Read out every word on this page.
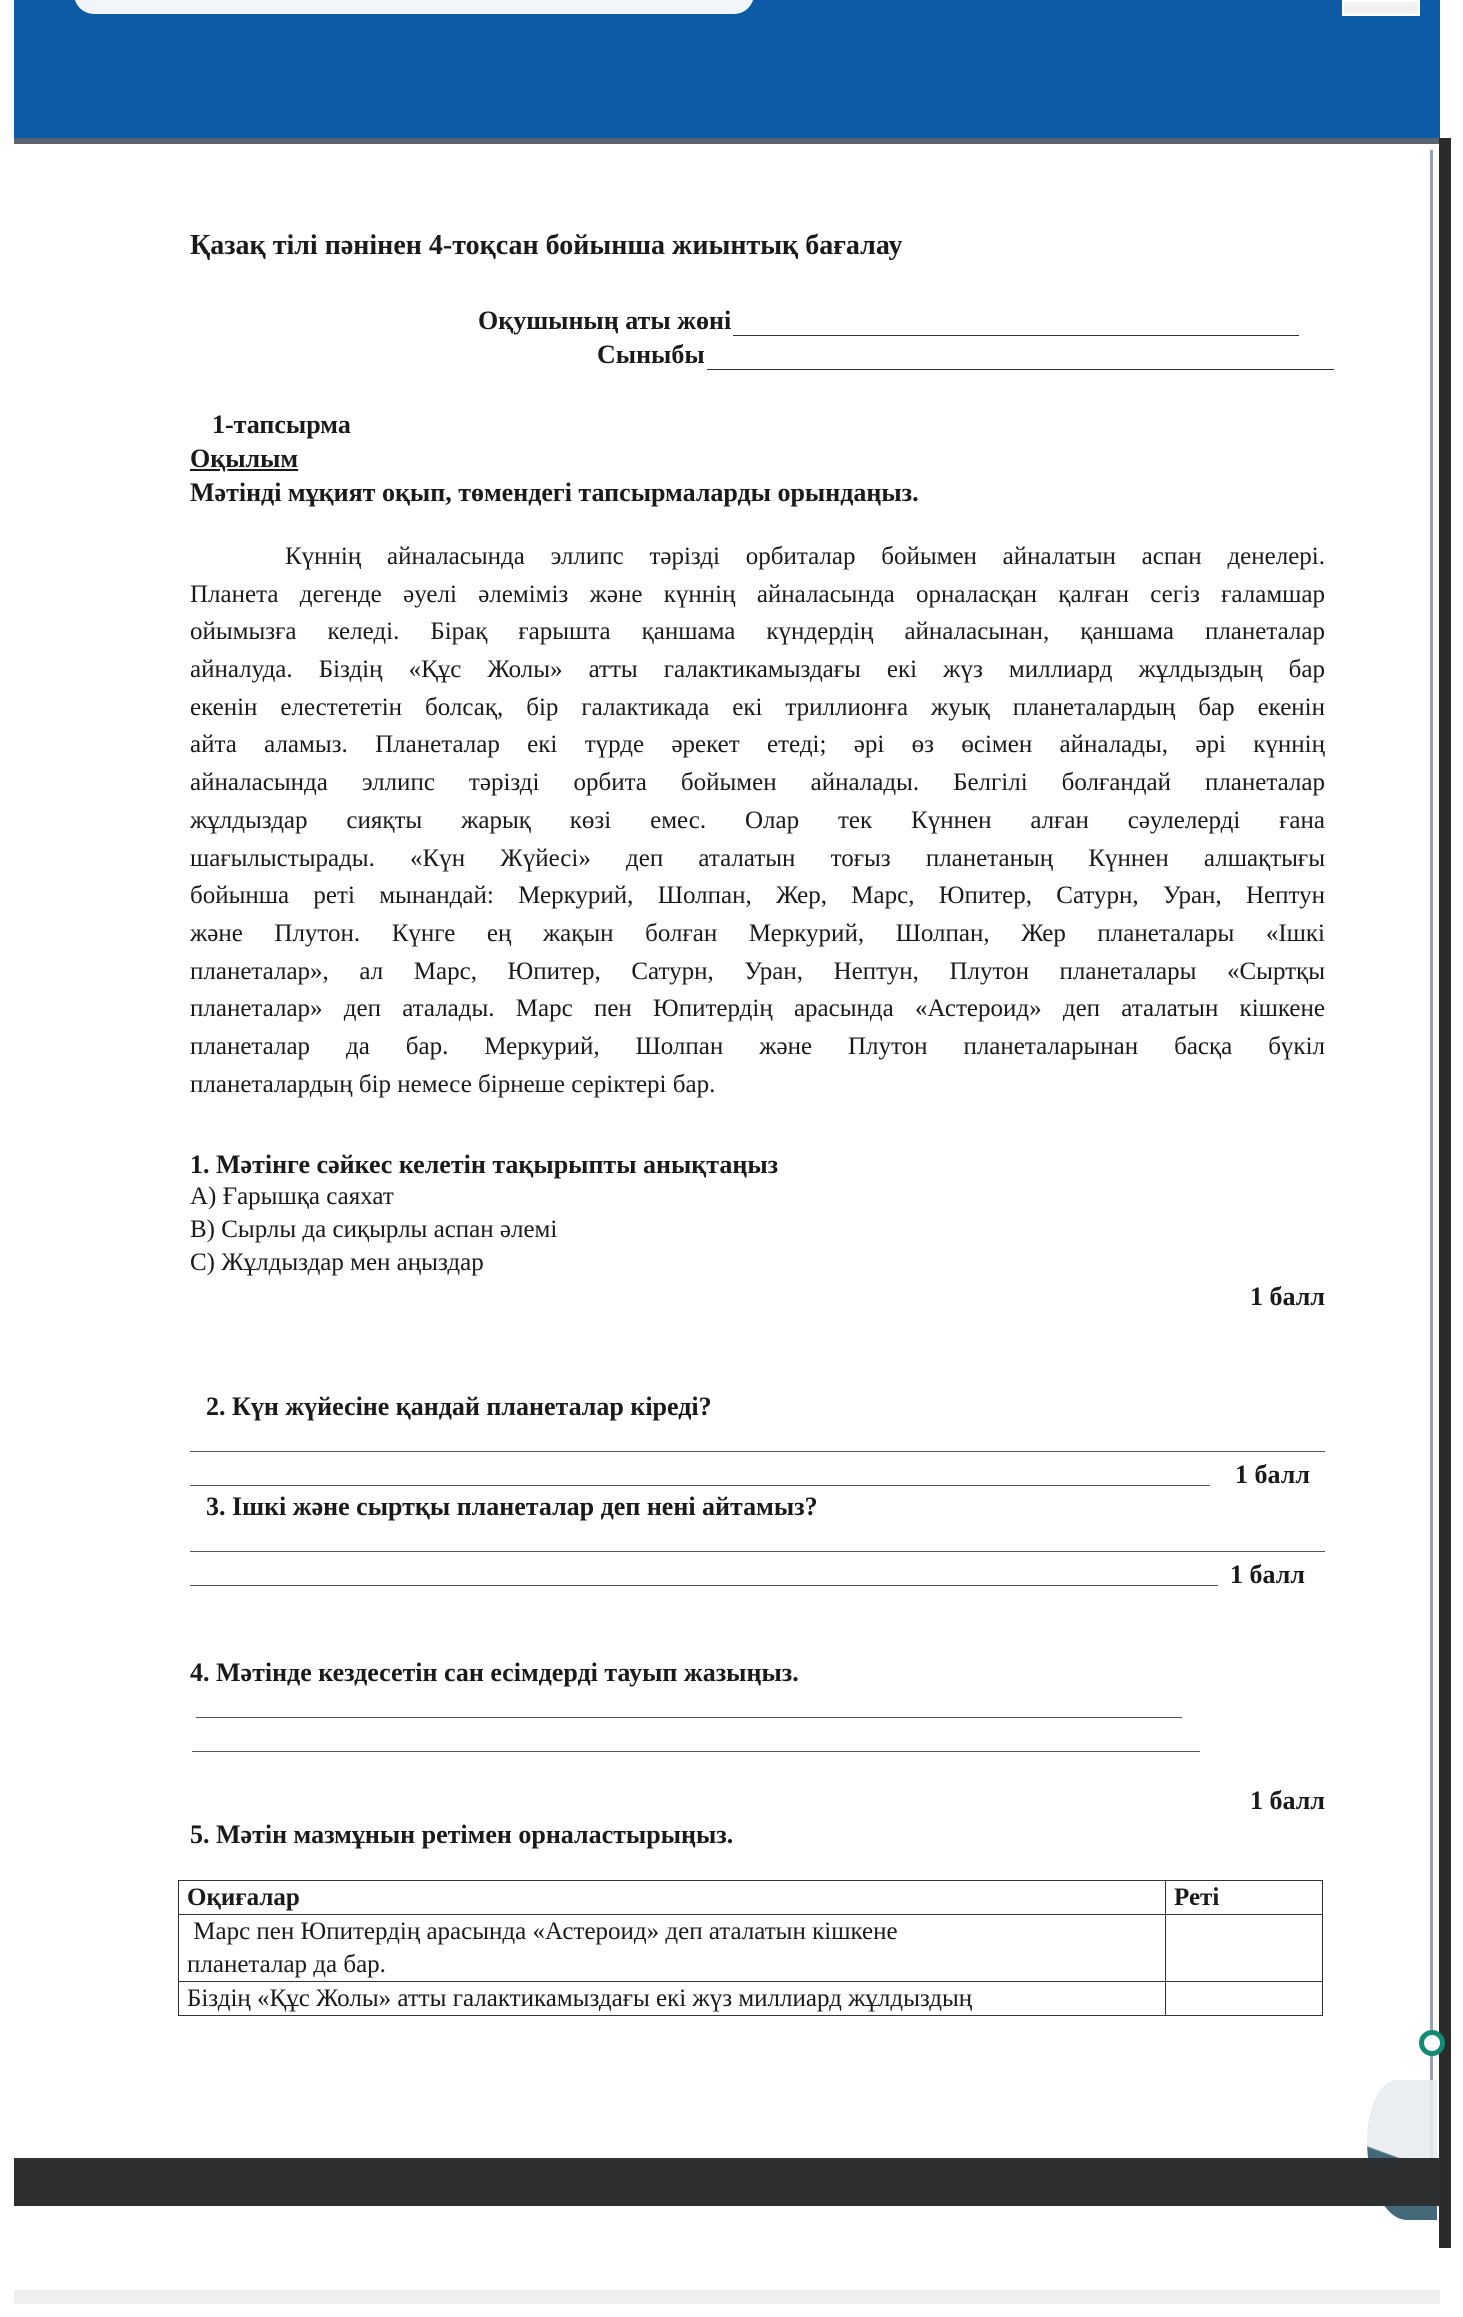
Қазақ тілі пәнінен 4-тоқсан бойынша жиынтық бағалау
Оқушының аты жөні
Сыныбы
1-тапсырма
Оқылым
Мәтінді мұқият оқып, төмендегі тапсырмаларды орындаңыз.
Күннің айналасында эллипс тәрізді орбиталар бойымен айналатын аспан денелері.
Планета дегенде әуелі әлеміміз және күннің айналасында орналасқан қалған сегіз ғаламшар
ойымызға келеді. Бірақ ғарышта қаншама күндердің айналасынан, қаншама планеталар
айналуда. Біздің «Құс Жолы» атты галактикамыздағы екі жүз миллиард жұлдыздың бар
екенін елестететін болсақ, бір галактикада екі триллионға жуық планеталардың бар екенін
айта аламыз. Планеталар екі түрде әрекет етеді; әрі өз өсімен айналады, әрі күннің
айналасында эллипс тәрізді орбита бойымен айналады. Белгілі болғандай планеталар
жұлдыздар сияқты жарық көзі емес. Олар тек Күннен алған сәулелерді ғана
шағылыстырады. «Күн Жүйесі» деп аталатын тоғыз планетаның Күннен алшақтығы
бойынша реті мынандай: Меркурий, Шолпан, Жер, Марс, Юпитер, Сатурн, Уран, Нептун
және Плутон. Күнге ең жақын болған Меркурий, Шолпан, Жер планеталары «Ішкі
планеталар», ал Марс, Юпитер, Сатурн, Уран, Нептун, Плутон планеталары «Сыртқы
планеталар» деп аталады. Марс пен Юпитердің арасында «Астероид» деп аталатын кішкене
планеталар да бар. Меркурий, Шолпан және Плутон планеталарынан басқа бүкіл
планеталардың бір немесе бірнеше серіктері бар.
1. Мәтінге сәйкес келетін тақырыпты анықтаңыз
А) Ғарышқа саяхат
В) Сырлы да сиқырлы аспан әлемі
С) Жұлдыздар мен аңыздар
1 балл
2. Күн жүйесіне қандай планеталар кіреді?
1 балл
3. Ішкі және сыртқы планеталар деп нені айтамыз?
1 балл
4. Мәтінде кездесетін сан есімдерді тауып жазыңыз.
1 балл
5. Мәтін мазмұнын ретімен орналастырыңыз.
Оқиғалар	Реті

Марс пен Юпитердің арасында «Астероид» деп аталатын кішкене
планеталар да бар.	

Біздің «Құс Жолы» атты галактикамыздағы екі жүз миллиард жұлдыздың	
